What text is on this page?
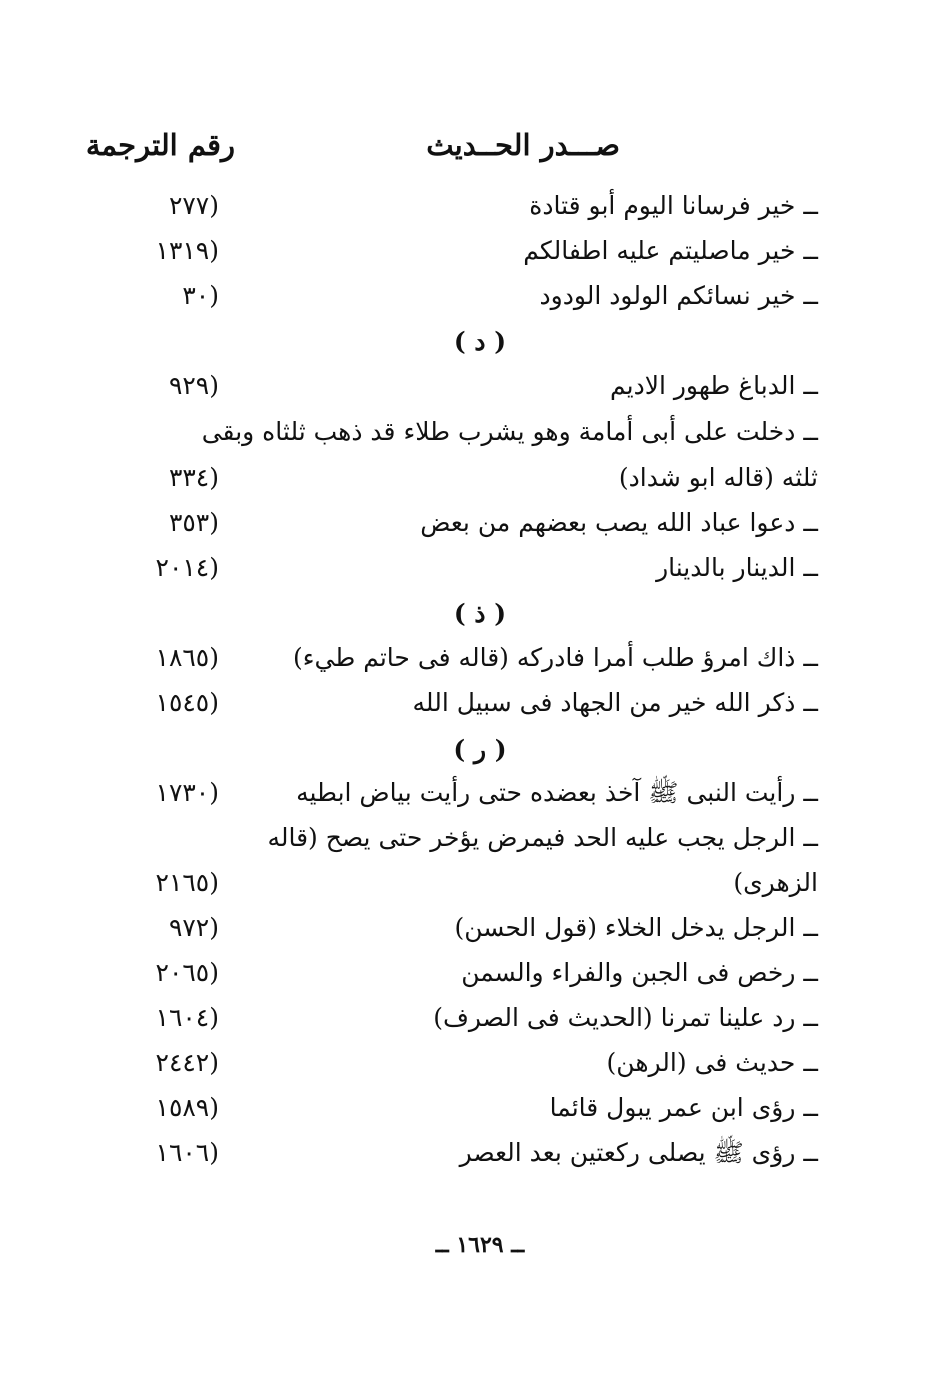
صـــدر الحــديث
رقم الترجمة
ــ خير فرسانا اليوم أبو قتادة
(٢٧٧
ــ خير ماصليتم عليه اطفالكم
(١٣١٩
ــ خير نسائكم الولود الودود
(٣٠
( د )
ــ الدباغ طهور الاديم
(٩٢٩
ــ دخلت على أبى أمامة وهو يشرب طلاء قد ذهب ثلثاه وبقى
ثلثه (قاله ابو شداد)
(٣٣٤
ــ دعوا عباد الله يصب بعضهم من بعض
(٣٥٣
ــ الدينار بالدينار
(٢٠١٤
( ذ )
ــ ذاك امرؤ طلب أمرا فادركه (قاله فى حاتم طيء)
(١٨٦٥
ــ ذكر الله خير من الجهاد فى سبيل الله
(١٥٤٥
( ر )
ــ رأيت النبى ﷺ آخذ بعضده حتى رأيت بياض ابطيه
(١٧٣٠
ــ الرجل يجب عليه الحد فيمرض يؤخر حتى يصح (قاله
الزهرى)
(٢١٦٥
ــ الرجل يدخل الخلاء (قول الحسن)
(٩٧٢
ــ رخص فى الجبن والفراء والسمن
(٢٠٦٥
ــ رد علينا تمرنا (الحديث فى الصرف)
(١٦٠٤
ــ حديث فى (الرهن)
(٢٤٤٢
ــ رؤى ابن عمر يبول قائما
(١٥٨٩
ــ رؤى ﷺ يصلى ركعتين بعد العصر
(١٦٠٦
ــ ١٦٢٩ ــ
